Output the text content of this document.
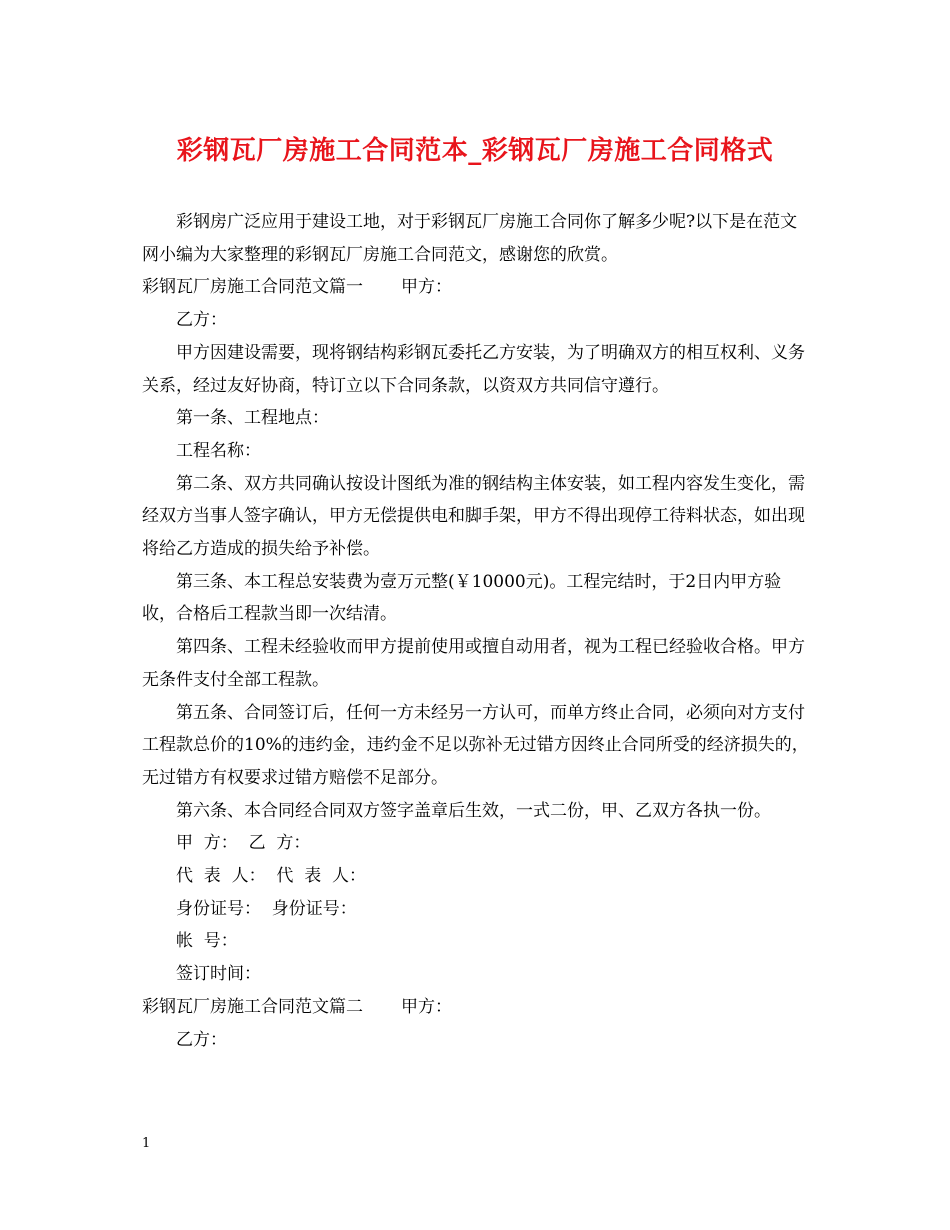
彩钢瓦厂房施工合同范本_彩钢瓦厂房施工合同格式

彩钢房广泛应用于建设工地，对于彩钢瓦厂房施工合同你了解多少呢?以下是在范文网小编为大家整理的彩钢瓦厂房施工合同范文，感谢您的欣赏。

彩钢瓦厂房施工合同范文篇一 甲方：

乙方：

甲方因建设需要，现将钢结构彩钢瓦委托乙方安装，为了明确双方的相互权利、义务关系，经过友好协商，特订立以下合同条款，以资双方共同信守遵行。

第一条、工程地点：

工程名称：

第二条、双方共同确认按设计图纸为准的钢结构主体安装，如工程内容发生变化，需经双方当事人签字确认，甲方无偿提供电和脚手架，甲方不得出现停工待料状态，如出现将给乙方造成的损失给予补偿。

第三条、本工程总安装费为壹万元整(￥10000元)。工程完结时，于2日内甲方验收，合格后工程款当即一次结清。

第四条、工程未经验收而甲方提前使用或擅自动用者，视为工程已经验收合格。甲方无条件支付全部工程款。

第五条、合同签订后，任何一方未经另一方认可，而单方终止合同，必须向对方支付工程款总价的10%的违约金，违约金不足以弥补无过错方因终止合同所受的经济损失的，无过错方有权要求过错方赔偿不足部分。

第六条、本合同经合同双方签字盖章后生效，一式二份，甲、乙双方各执一份。

甲  方：  乙  方：

代  表  人：  代  表  人：

身份证号：  身份证号：

帐  号：

签订时间：

彩钢瓦厂房施工合同范文篇二 甲方：

乙方：

1
